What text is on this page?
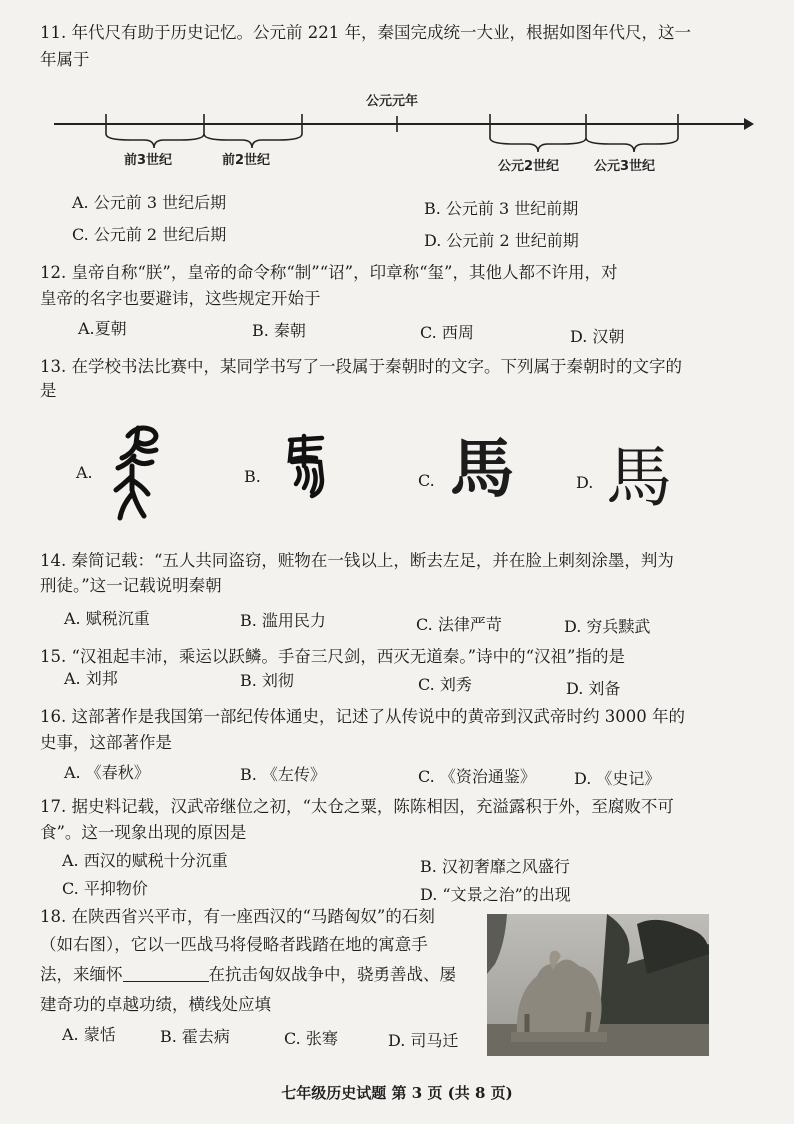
11. 年代尺有助于历史记忆。公元前 221 年，秦国完成统一大业，根据如图年代尺，这一
年属于
公元元年
前3世纪	前2世纪	公元2世纪	公元3世纪
A. 公元前 3 世纪后期	B. 公元前 3 世纪前期
C. 公元前 2 世纪后期	D. 公元前 2 世纪前期
12. 皇帝自称“朕”，皇帝的命令称“制”“诏”，印章称“玺”，其他人都不许用，对
皇帝的名字也要避讳，这些规定开始于
A.夏朝	B. 秦朝	C. 西周	D. 汉朝
13. 在学校书法比赛中，某同学书写了一段属于秦朝时的文字。下列属于秦朝时的文字的
是
A.	B.	C. 馬	D. 馬
14. 秦简记载：“五人共同盗窃，赃物在一钱以上，断去左足，并在脸上刺刻涂墨，判为
刑徒。”这一记载说明秦朝
A. 赋税沉重	B. 滥用民力	C. 法律严苛	D. 穷兵黩武
15. “汉祖起丰沛，乘运以跃鳞。手奋三尺剑，西灭无道秦。”诗中的“汉祖”指的是
A. 刘邦	B. 刘彻	C. 刘秀	D. 刘备
16. 这部著作是我国第一部纪传体通史，记述了从传说中的黄帝到汉武帝时约 3000 年的
史事，这部著作是
A. 《春秋》	B. 《左传》	C. 《资治通鉴》 D. 《史记》
17. 据史料记载，汉武帝继位之初，“太仓之粟，陈陈相因，充溢露积于外，至腐败不可
食”。这一现象出现的原因是
A. 西汉的赋税十分沉重	B. 汉初奢靡之风盛行
C. 平抑物价	D. “文景之治”的出现
18. 在陕西省兴平市，有一座西汉的“马踏匈奴”的石刻
（如右图），它以一匹战马将侵略者践踏在地的寓意手
法，来缅怀	在抗击匈奴战争中，骁勇善战、屡
建奇功的卓越功绩，横线处应填
A. 蒙恬	B. 霍去病	C. 张骞	D. 司马迁
七年级历史试题 第 3 页 (共 8 页)
